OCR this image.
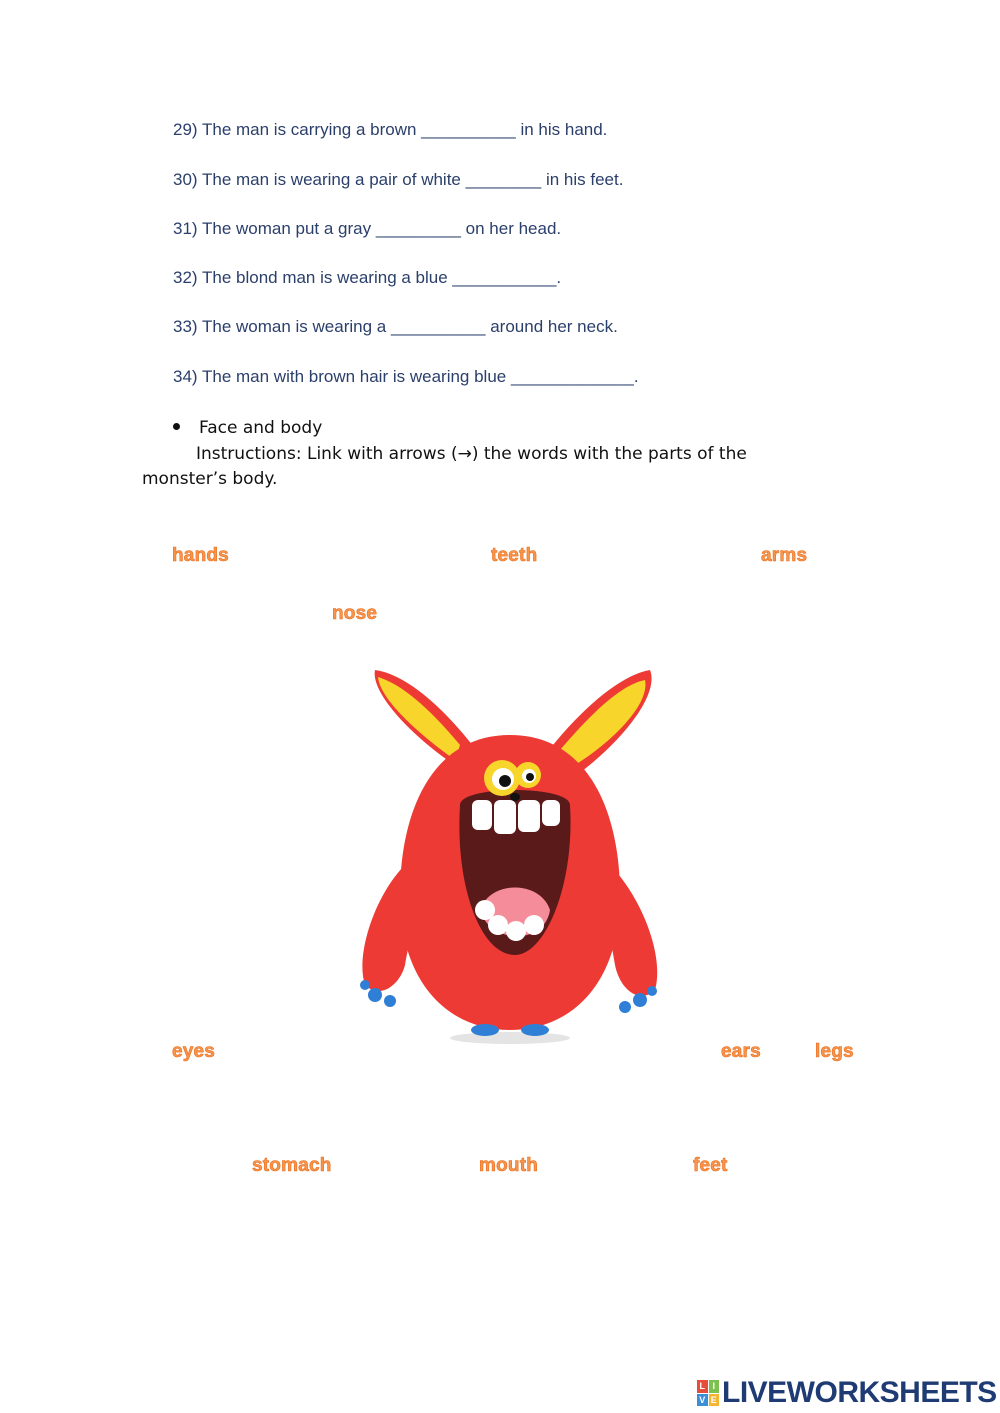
29) The man is carrying a brown __________ in his hand.
30) The man is wearing a pair of white ________ in his feet.
31) The woman put a gray _________ on her head.
32) The blond man is wearing a blue ___________.
33) The woman is wearing a __________ around her neck.
34) The man with brown hair is wearing blue _____________.
Face and body
Instructions: Link with arrows (→) the words with the parts of the
monster’s body.
hands	teeth	arms
nose
eyes	ears	legs
stomach	mouth	feet
L I
V E LIVEWORKSHEETS
